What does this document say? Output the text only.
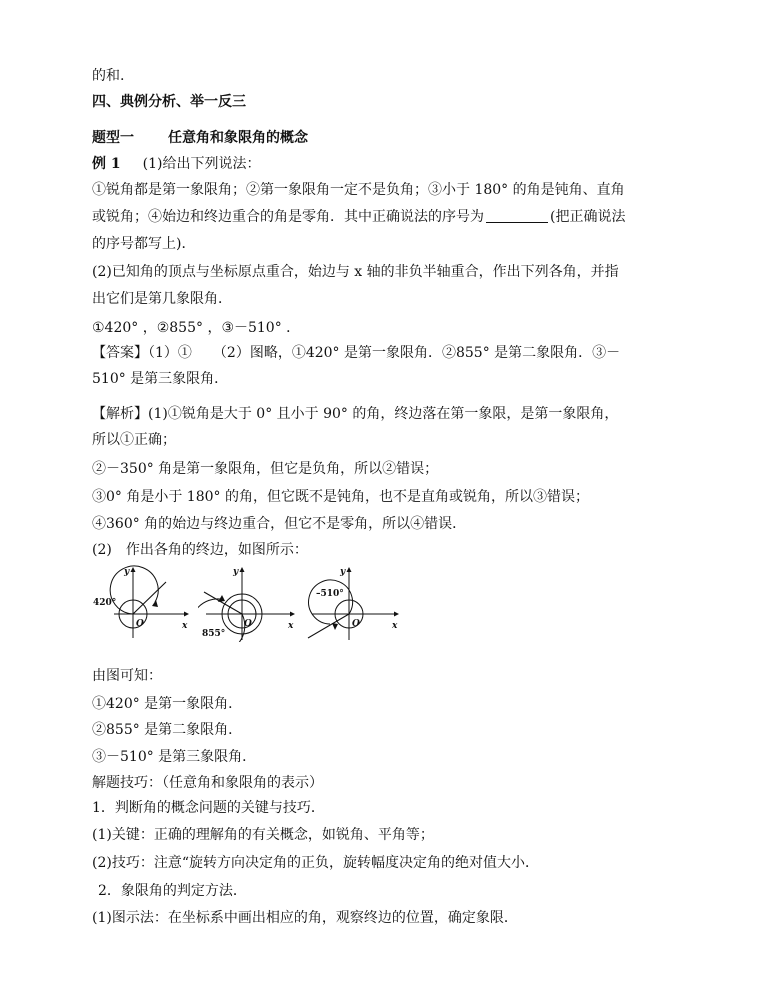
的和.
四、典例分析、举一反三
题型一 任意角和象限角的概念
例 1 (1)给出下列说法：
①锐角都是第一象限角；②第一象限角一定不是负角；③小于 180° 的角是钝角、直角
或锐角；④始边和终边重合的角是零角．其中正确说法的序号为	(把正确说法
的序号都写上)．
(2)已知角的顶点与坐标原点重合，始边与 x 轴的非负半轴重合，作出下列各角，并指
出它们是第几象限角．
①420° ，②855° ，③－510° ．
【答案】（1）①　　（2）图略，①420° 是第一象限角．②855° 是第二象限角．③－
510° 是第三象限角．
【解析】(1)①锐角是大于 0° 且小于 90° 的角，终边落在第一象限，是第一象限角，
所以①正确；
②－350° 角是第一象限角，但它是负角，所以②错误；
③0° 角是小于 180° 的角，但它既不是钝角，也不是直角或锐角，所以③错误；
④360° 角的始边与终边重合，但它不是零角，所以④错误．
(2)　作出各角的终边，如图所示：
420°
O	x
y
855°
O	x
y
–510°
O	x
y
由图可知：
①420° 是第一象限角．
②855° 是第二象限角．
③－510° 是第三象限角．
解题技巧：（任意角和象限角的表示）
1．判断角的概念问题的关键与技巧．
(1)关键：正确的理解角的有关概念，如锐角、平角等；
(2)技巧：注意“旋转方向决定角的正负，旋转幅度决定角的绝对值大小．
2．象限角的判定方法．
(1)图示法：在坐标系中画出相应的角，观察终边的位置，确定象限．
